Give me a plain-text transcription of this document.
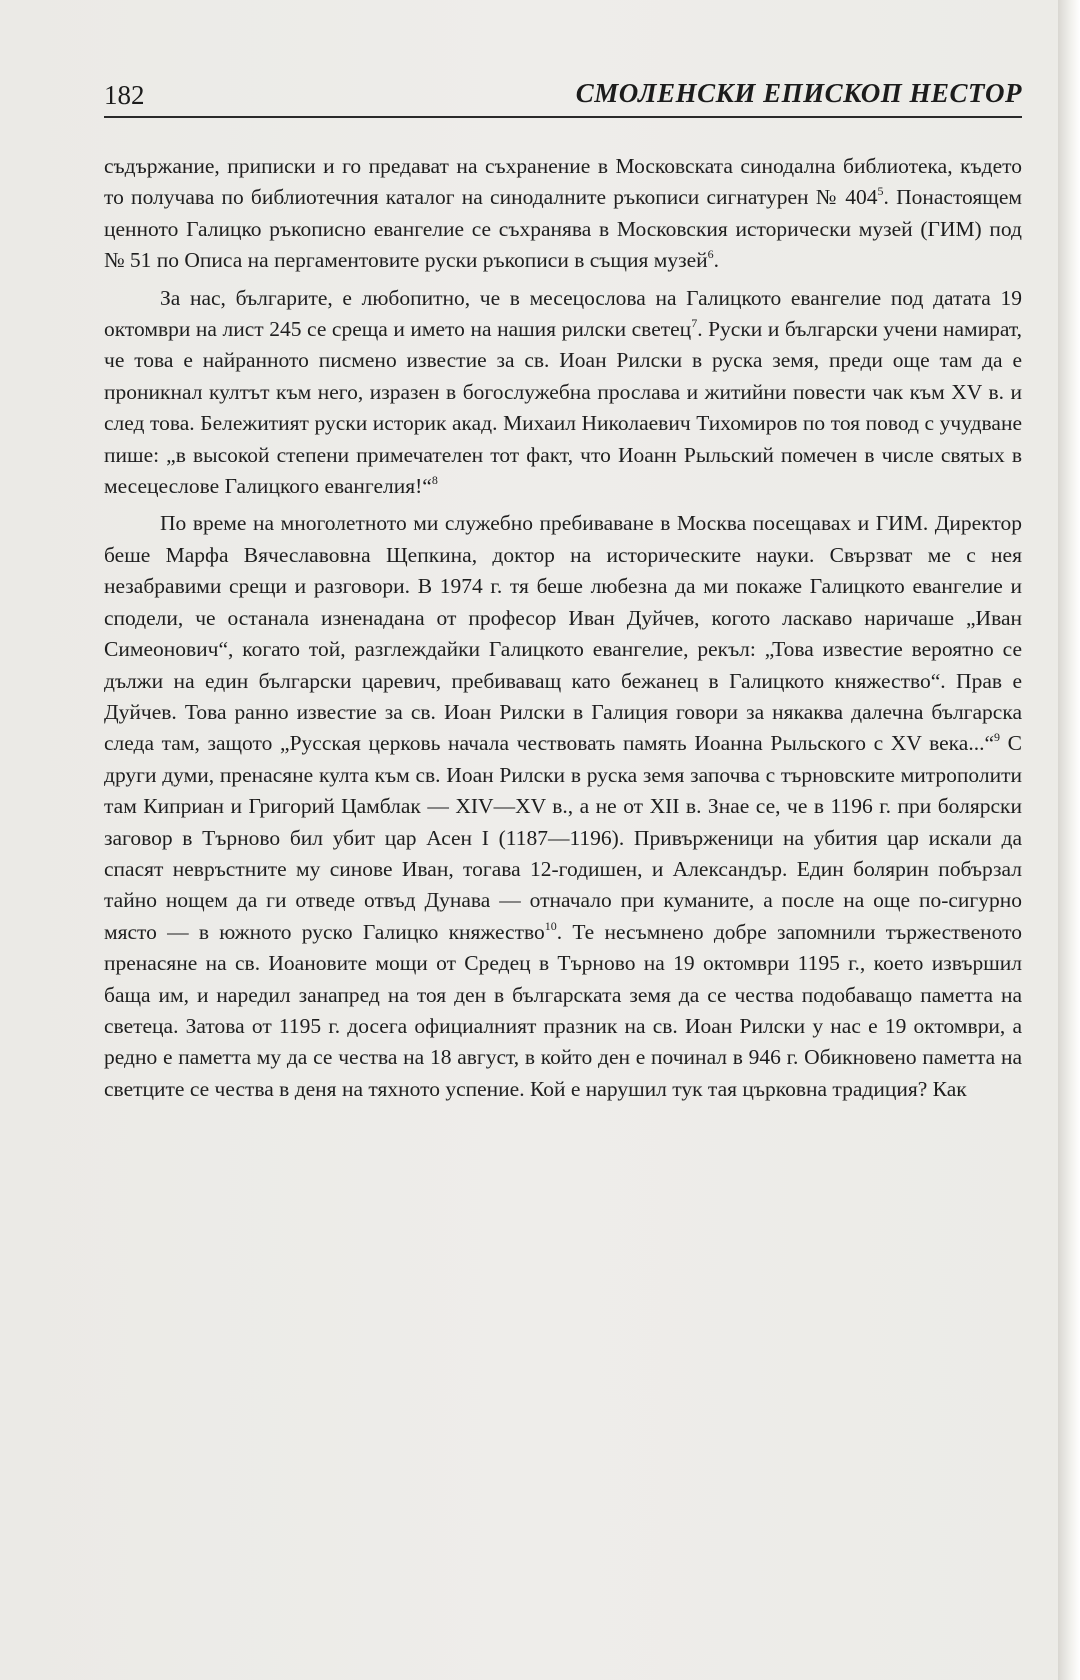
182	СМОЛЕНСКИ ЕПИСКОП НЕСТОР

съдържание, приписки и го предават на съхранение в Московската синодална библиотека, където то получава по библиотечния каталог на синодалните ръкописи сигнатурен № $404^5$. Понастоящем ценното Галицко ръкописно евангелие се съхранява в Московския исторически музей (ГИМ) под № 51 по Описа на пергаментовите руски ръкописи в същия музей$^6$.

За нас, българите, е любопитно, че в месецослова на Галицкото евангелие под датата 19 октомври на лист 245 се среща и името на нашия рилски светец$^7$. Руски и български учени намират, че това е найранното писмено известие за св. Иоан Рилски в руска земя, преди още там да е проникнал култът към него, изразен в богослужебна прослава и житийни повести чак към XV в. и след това. Бележитият руски историк акад. Михаил Николаевич Тихомиров по тоя повод с учудване пише: „в высокой степени примечателен тот факт, что Иоанн Рыльский помечен в числе святых в месецеслове Галицкого евангелия!“$^8$

По време на многолетното ми служебно пребиваване в Москва посещавах и ГИМ. Директор беше Марфа Вячеславовна Щепкина, доктор на историческите науки. Свързват ме с нея незабравими срещи и разговори. В 1974 г. тя беше любезна да ми покаже Галицкото евангелие и сподели, че останала изненадана от професор Иван Дуйчев, когото ласкаво наричаше „Иван Симеонович“, когато той, разглеждайки Галицкото евангелие, рекъл: „Това известие вероятно се дължи на един български царевич, пребиваващ като бежанец в Галицкото княжество“. Прав е Дуйчев. Това ранно известие за св. Иоан Рилски в Галиция говори за някаква далечна българска следа там, защото „Русская церковь начала чествовать память Иоанна Рыльского с XV века...“$^9$ С други думи, пренасяне култа към св. Иоан Рилски в руска земя започва с търновските митрополити там Киприан и Григорий Цамблак — XIV—XV в., а не от XII в. Знае се, че в 1196 г. при болярски заговор в Търново бил убит цар Асен I (1187—1196). Привърженици на убития цар искали да спасят невръстните му синове Иван, тогава 12-годишен, и Александър. Един болярин побързал тайно нощем да ги отведе отвъд Дунава — отначало при куманите, а после на още по-сигурно място — в южното руско Галицко княжество$^{10}$. Те несъмнено добре запомнили тържественото пренасяне на св. Иоановите мощи от Средец в Търново на 19 октомври 1195 г., което извършил баща им, и наредил занапред на тоя ден в българската земя да се чества подобаващо паметта на светеца. Затова от 1195 г. досега официалният празник на св. Иоан Рилски у нас е 19 октомври, а редно е паметта му да се чества на 18 август, в който ден е починал в 946 г. Обикновено паметта на светците се чества в деня на тяхното успение. Кой е нарушил тук тая църковна традиция? Как
